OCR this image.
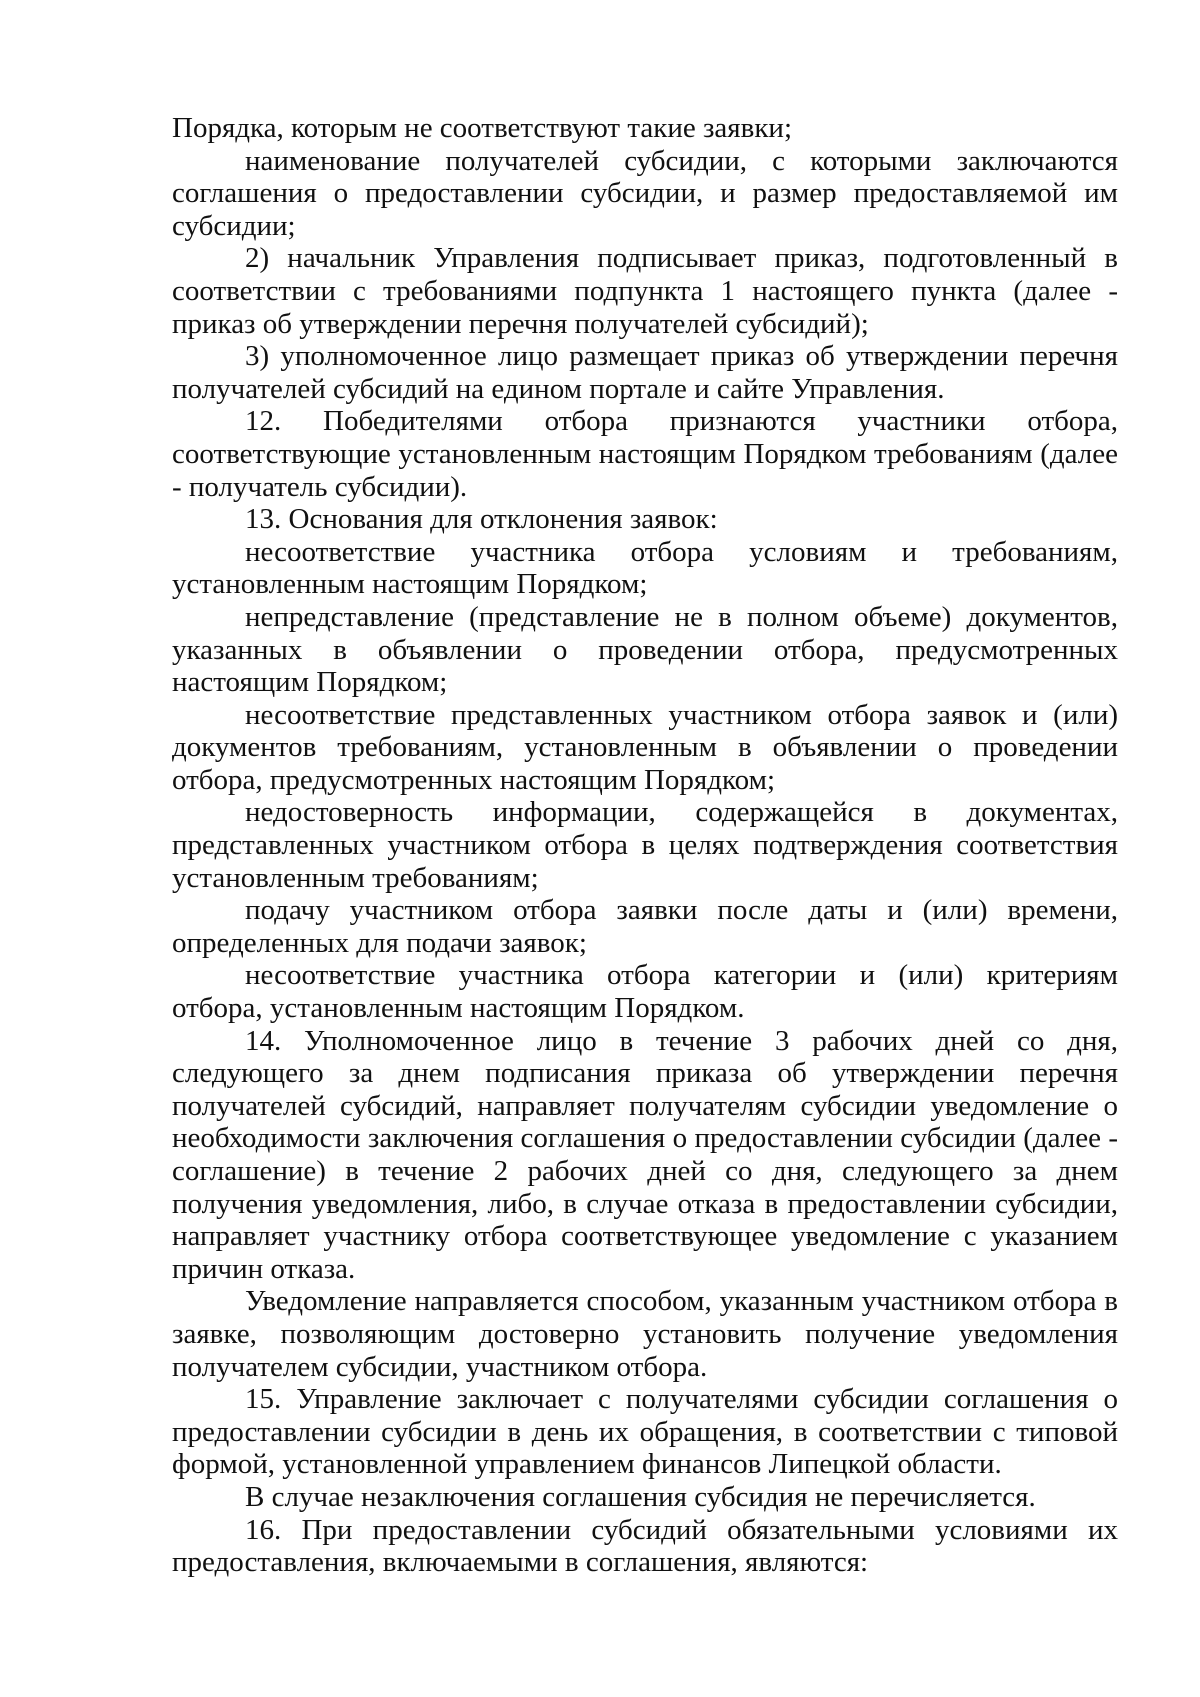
Порядка, которым не соответствуют такие заявки;

наименование получателей субсидии, с которыми заключаются соглашения о предоставлении субсидии, и размер предоставляемой им субсидии;

2) начальник Управления подписывает приказ, подготовленный в соответствии с требованиями подпункта 1 настоящего пункта (далее - приказ об утверждении перечня получателей субсидий);

3) уполномоченное лицо размещает приказ об утверждении перечня получателей субсидий на едином портале и сайте Управления.

12. Победителями отбора признаются участники отбора, соответствующие установленным настоящим Порядком требованиям (далее - получатель субсидии).

13. Основания для отклонения заявок:

несоответствие участника отбора условиям и требованиям, установленным настоящим Порядком;

непредставление (представление не в полном объеме) документов, указанных в объявлении о проведении отбора, предусмотренных настоящим Порядком;

несоответствие представленных участником отбора заявок и (или) документов требованиям, установленным в объявлении о проведении отбора, предусмотренных настоящим Порядком;

недостоверность информации, содержащейся в документах, представленных участником отбора в целях подтверждения соответствия установленным требованиям;

подачу участником отбора заявки после даты и (или) времени, определенных для подачи заявок;

несоответствие участника отбора категории и (или) критериям отбора, установленным настоящим Порядком.

14. Уполномоченное лицо в течение 3 рабочих дней со дня, следующего за днем подписания приказа об утверждении перечня получателей субсидий, направляет получателям субсидии уведомление о необходимости заключения соглашения о предоставлении субсидии (далее - соглашение) в течение 2 рабочих дней со дня, следующего за днем получения уведомления, либо, в случае отказа в предоставлении субсидии, направляет участнику отбора соответствующее уведомление с указанием причин отказа.

Уведомление направляется способом, указанным участником отбора в заявке, позволяющим достоверно установить получение уведомления получателем субсидии, участником отбора.

15. Управление заключает с получателями субсидии соглашения о предоставлении субсидии в день их обращения, в соответствии с типовой формой, установленной управлением финансов Липецкой области.

В случае незаключения соглашения субсидия не перечисляется.

16. При предоставлении субсидий обязательными условиями их предоставления, включаемыми в соглашения, являются:
